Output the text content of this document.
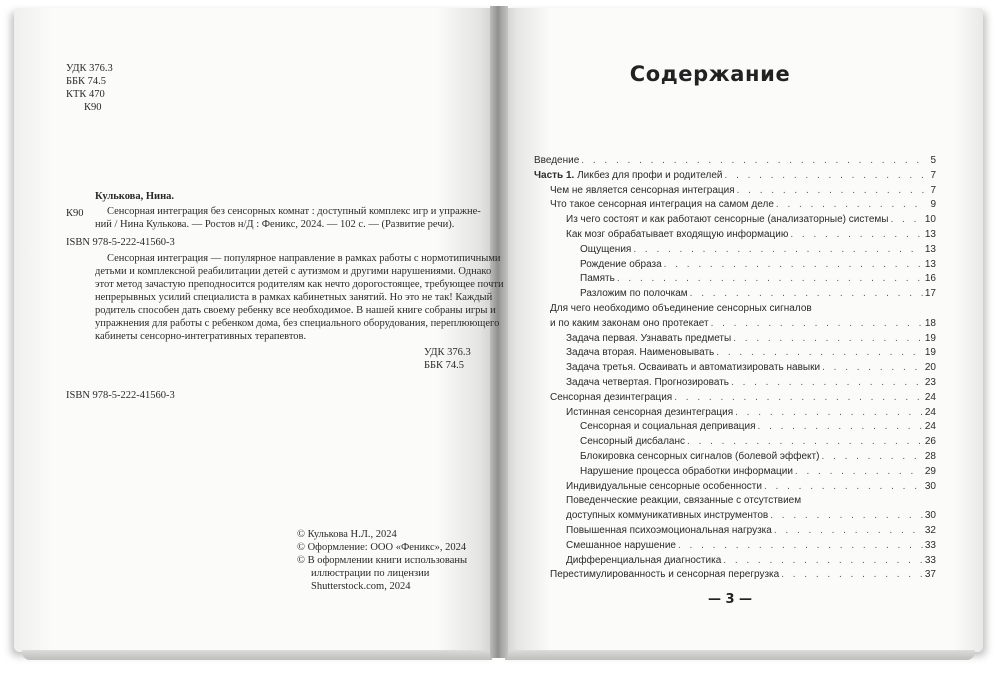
УДК 376.3
ББК 74.5
КТК 470
К90

Кулькова, Нина.

К90	Сенсорная интеграция без сенсорных комнат : доступный комплекс игр и упражне-
ний / Нина Кулькова. — Ростов н/Д : Феникс, 2024. — 102 с. — (Развитие речи).

ISBN 978-5-222-41560-3

Сенсорная интеграция — популярное направление в рамках работы с нормотипичными
детьми и комплексной реабилитации детей с аутизмом и другими нарушениями. Однако
этот метод зачастую преподносится родителям как нечто дорогостоящее, требующее почти
непрерывных усилий специалиста в рамках кабинетных занятий. Но это не так! Каждый
родитель способен дать своему ребенку все необходимое. В нашей книге собраны игры и
упражнения для работы с ребенком дома, без специального оборудования, переплюющего
кабинеты сенсорно-интегративных терапевтов.
УДК 376.3
ББК 74.5

ISBN 978-5-222-41560-3

© Кулькова Н.Л., 2024
© Оформление: ООО «Феникс», 2024
© В оформлении книги использованы
иллюстрации по лицензии
Shutterstock.com, 2024
Содержание
Введение . . .	5
Часть 1. Ликбез для профи и родителей . . .	7
Чем не является сенсорная интеграция . . .	7
Что такое сенсорная интеграция на самом деле . . .	9
Из чего состоят и как работают сенсорные (анализаторные) системы . . .	10
Как мозг обрабатывает входящую информацию . . .	13
Ощущения . . .	13
Рождение образа . . .	13
Память . . .	16
Разложим по полочкам . . .	17
Для чего необходимо объединение сенсорных сигналов
и по каким законам оно протекает . . .	18
Задача первая. Узнавать предметы . . .	19
Задача вторая. Наименовывать . . .	19
Задача третья. Осваивать и автоматизировать навыки . . .	20
Задача четвертая. Прогнозировать . . .	23
Сенсорная дезинтеграция . . .	24
Истинная сенсорная дезинтеграция . . .	24
Сенсорная и социальная депривация . . .	24
Сенсорный дисбаланс . . .	26
Блокировка сенсорных сигналов (болевой эффект) . . .	28
Нарушение процесса обработки информации . . .	29
Индивидуальные сенсорные особенности . . .	30
Поведенческие реакции, связанные с отсутствием
доступных коммуникативных инструментов . . .	30
Повышенная психоэмоциональная нагрузка . . .	32
Смешанное нарушение . . .	33
Дифференциальная диагностика . . .	33
Перестимулированность и сенсорная перегрузка . . .	37

— 3 —
